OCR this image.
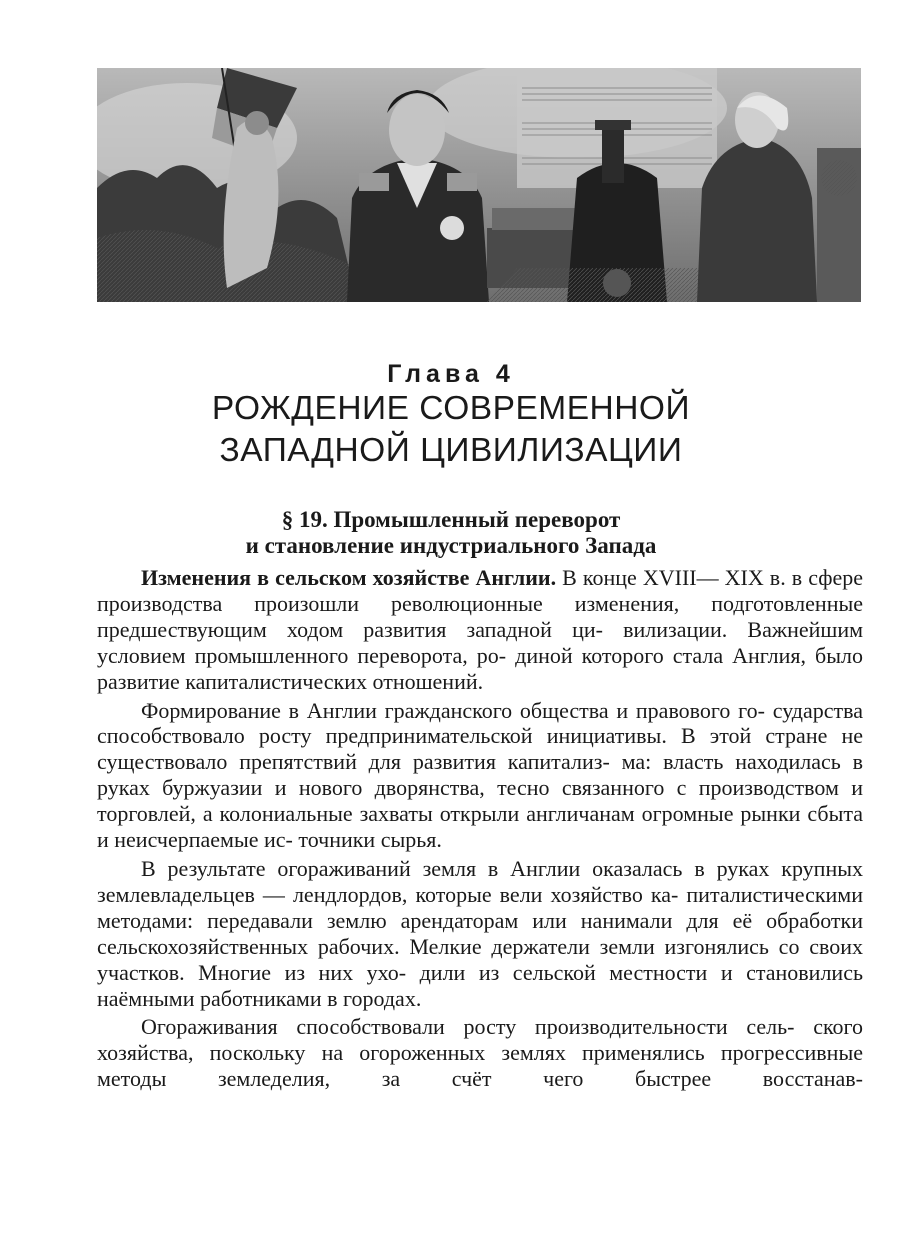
Глава 4
РОЖДЕНИЕ СОВРЕМЕННОЙ
ЗАПАДНОЙ ЦИВИЛИЗАЦИИ
§ 19. Промышленный переворот
и становление индустриального Запада

Изменения в сельском хозяйстве Англии. В конце XVIII— XIX в. в сфере производства произошли революционные изменения, подготовленные предшествующим ходом развития западной ци- вилизации. Важнейшим условием промышленного переворота, ро- диной которого стала Англия, было развитие капиталистических отношений.

Формирование в Англии гражданского общества и правового го- сударства способствовало росту предпринимательской инициативы. В этой стране не существовало препятствий для развития капитализ- ма: власть находилась в руках буржуазии и нового дворянства, тесно связанного с производством и торговлей, а колониальные захваты открыли англичанам огромные рынки сбыта и неисчерпаемые ис- точники сырья.

В результате огораживаний земля в Англии оказалась в руках крупных землевладельцев — лендлордов, которые вели хозяйство ка- питалистическими методами: передавали землю арендаторам или нанимали для её обработки сельскохозяйственных рабочих. Мелкие держатели земли изгонялись со своих участков. Многие из них ухо- дили из сельской местности и становились наёмными работниками в городах.

Огораживания способствовали росту производительности сель- ского хозяйства, поскольку на огороженных землях применялись прогрессивные методы земледелия, за счёт чего быстрее восстанав-
